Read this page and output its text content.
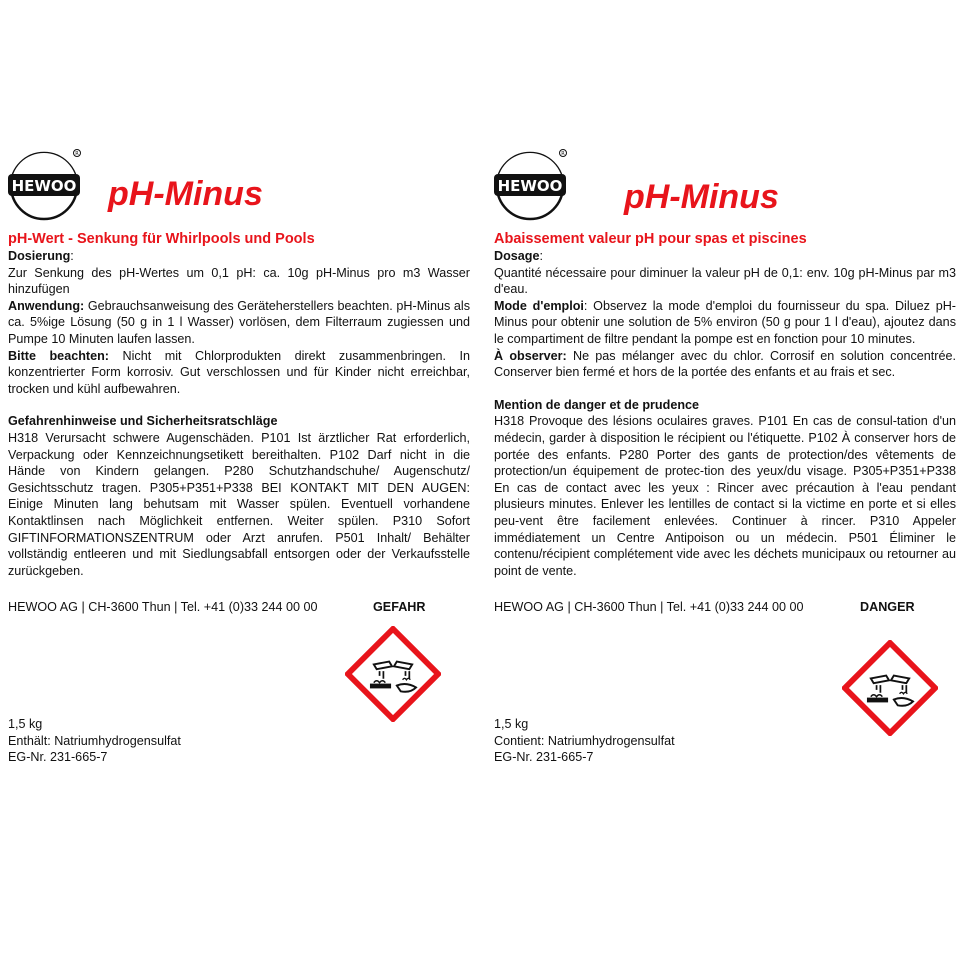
HEWOO
R
pH-Minus
pH-Wert - Senkung für Whirlpools und Pools

Dosierung:

Zur Senkung des pH-Wertes um 0,1 pH: ca. 10g pH-Minus pro m3 Wasser hinzufügen

Anwendung: Gebrauchsanweisung des Geräteherstellers beachten. pH-Minus als ca. 5%ige Lösung (50 g in 1 l Wasser) vorlösen, dem Filterraum zugiessen und Pumpe 10 Minuten laufen lassen.

Bitte beachten: Nicht mit Chlorprodukten direkt zusammenbringen. In konzentrierter Form korrosiv. Gut verschlossen und für Kinder nicht erreichbar, trocken und kühl aufbewahren.

Gefahrenhinweise und Sicherheitsratschläge

H318 Verursacht schwere Augenschäden. P101 Ist ärztlicher Rat erforderlich, Verpackung oder Kennzeichnungsetikett bereithalten. P102 Darf nicht in die Hände von Kindern gelangen. P280 Schutzhandschuhe/ Augenschutz/ Gesichtsschutz tragen. P305+P351+P338 BEI KONTAKT MIT DEN AUGEN: Einige Minuten lang behutsam mit Wasser spülen. Eventuell vorhandene Kontaktlinsen nach Möglichkeit entfernen. Weiter spülen. P310 Sofort GIFTINFORMATIONSZENTRUM oder Arzt anrufen. P501 Inhalt/ Behälter vollständig entleeren und mit Siedlungsabfall entsorgen oder der Verkaufsstelle zurückgeben.

HEWOO AG | CH-3600 Thun | Tel. +41 (0)33 244 00 00	GEFAHR
1,5 kg
Enthält: Natriumhydrogensulfat
EG-Nr. 231-665-7
HEWOO
R
pH-Minus
Abaissement valeur pH pour spas et piscines

Dosage:

Quantité nécessaire pour diminuer la valeur pH de 0,1: env. 10g pH-Minus par m3 d'eau.

Mode d'emploi: Observez la mode d'emploi du fournisseur du spa. Diluez pH-Minus pour obtenir une solution de 5% environ (50 g pour 1 l d'eau), ajoutez dans le compartiment de filtre pendant la pompe est en fonction pour 10 minutes.

À observer: Ne pas mélanger avec du chlor. Corrosif en solution concentrée. Conserver bien fermé et hors de la portée des enfants et au frais et sec.

Mention de danger et de prudence

H318 Provoque des lésions oculaires graves. P101 En cas de consul-tation d'un médecin, garder à disposition le récipient ou l'étiquette. P102 À conserver hors de portée des enfants. P280 Porter des gants de protection/des vêtements de protection/un équipement de protec-tion des yeux/du visage. P305+P351+P338 En cas de contact avec les yeux : Rincer avec précaution à l'eau pendant plusieurs minutes. Enlever les lentilles de contact si la victime en porte et si elles peu-vent être facilement enlevées. Continuer à rincer. P310 Appeler immédiatement un Centre Antipoison ou un médecin. P501 Éliminer le contenu/récipient complétement vide avec les déchets municipaux ou retourner au point de vente.

HEWOO AG | CH-3600 Thun | Tel. +41 (0)33 244 00 00	DANGER
1,5 kg
Contient: Natriumhydrogensulfat
EG-Nr. 231-665-7
